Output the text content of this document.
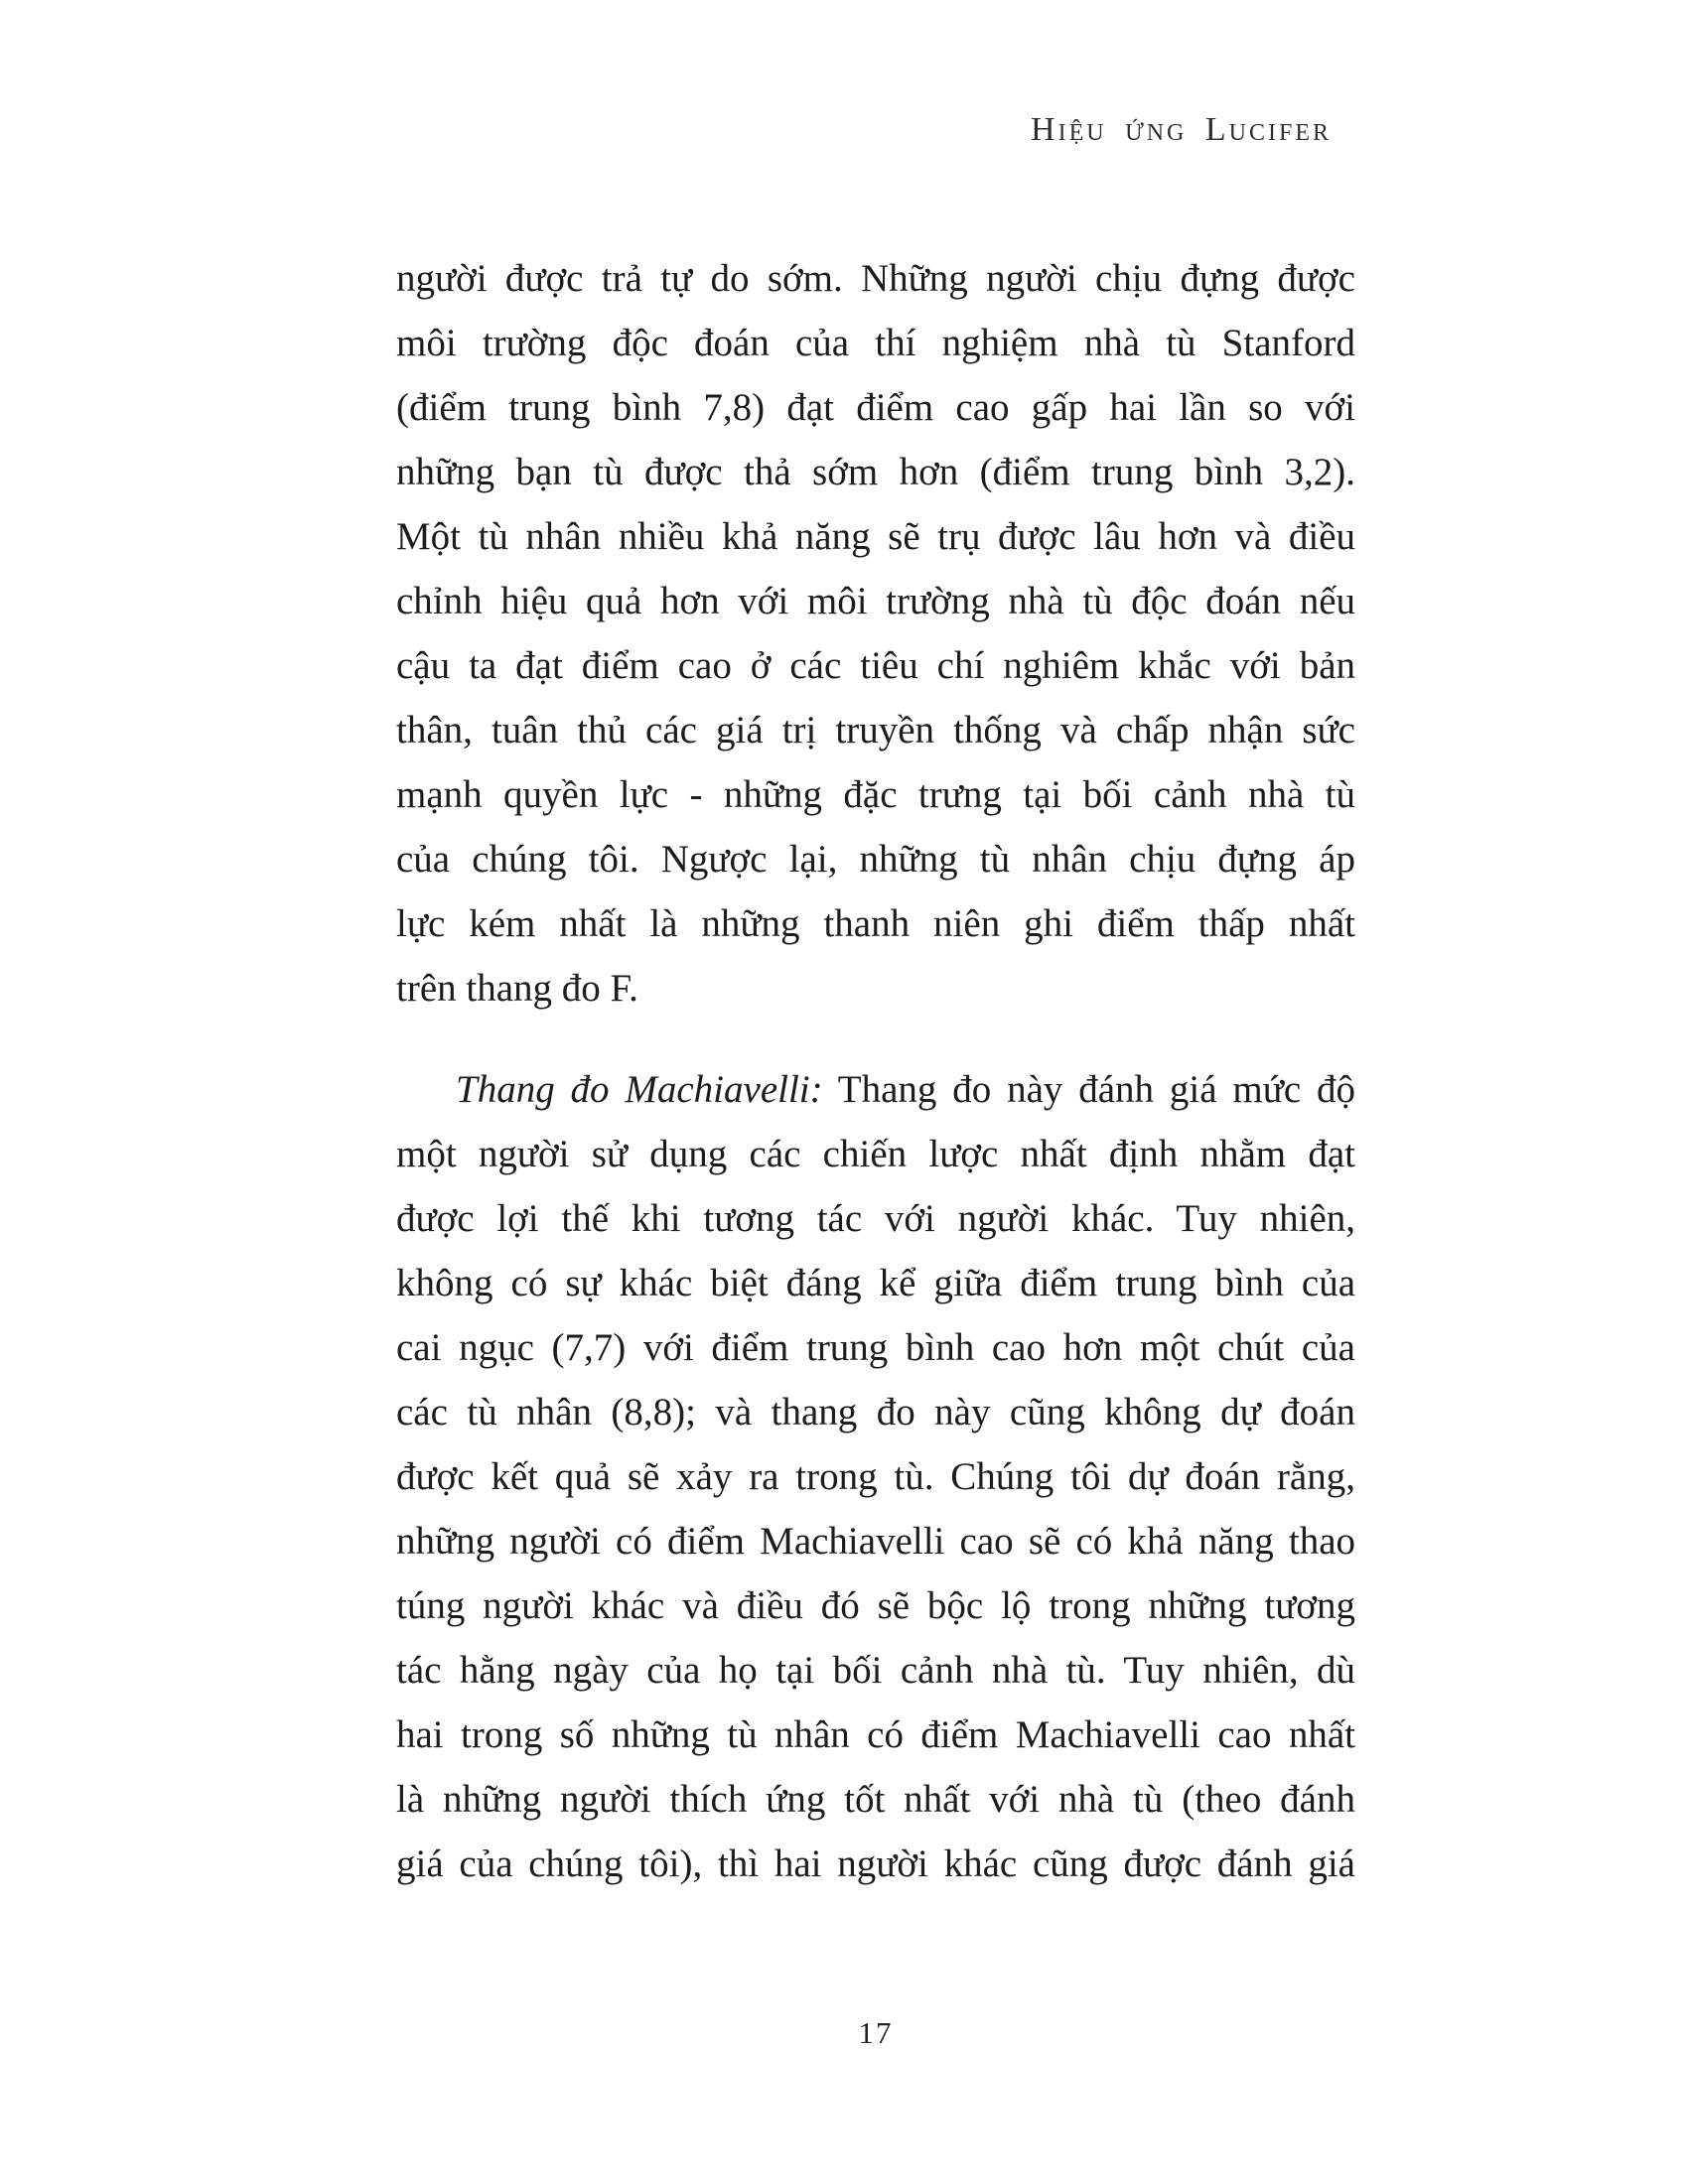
Hiệu ứng Lucifer
người được trả tự do sớm. Những người chịu đựng được
môi trường độc đoán của thí nghiệm nhà tù Stanford
(điểm trung bình 7,8) đạt điểm cao gấp hai lần so với
những bạn tù được thả sớm hơn (điểm trung bình 3,2).
Một tù nhân nhiều khả năng sẽ trụ được lâu hơn và điều
chỉnh hiệu quả hơn với môi trường nhà tù độc đoán nếu
cậu ta đạt điểm cao ở các tiêu chí nghiêm khắc với bản
thân, tuân thủ các giá trị truyền thống và chấp nhận sức
mạnh quyền lực - những đặc trưng tại bối cảnh nhà tù
của chúng tôi. Ngược lại, những tù nhân chịu đựng áp
lực kém nhất là những thanh niên ghi điểm thấp nhất
trên thang đo F.
Thang đo Machiavelli: Thang đo này đánh giá mức độ
một người sử dụng các chiến lược nhất định nhằm đạt
được lợi thế khi tương tác với người khác. Tuy nhiên,
không có sự khác biệt đáng kể giữa điểm trung bình của
cai ngục (7,7) với điểm trung bình cao hơn một chút của
các tù nhân (8,8); và thang đo này cũng không dự đoán
được kết quả sẽ xảy ra trong tù. Chúng tôi dự đoán rằng,
những người có điểm Machiavelli cao sẽ có khả năng thao
túng người khác và điều đó sẽ bộc lộ trong những tương
tác hằng ngày của họ tại bối cảnh nhà tù. Tuy nhiên, dù
hai trong số những tù nhân có điểm Machiavelli cao nhất
là những người thích ứng tốt nhất với nhà tù (theo đánh
giá của chúng tôi), thì hai người khác cũng được đánh giá
17
